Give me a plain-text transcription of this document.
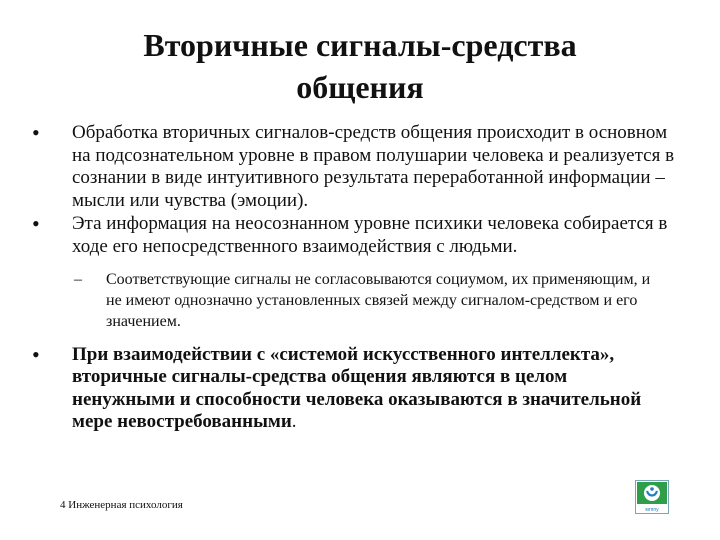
Вторичные сигналы-средства
общения
• Обработка вторичных сигналов-средств общения происходит в основном на подсознательном уровне в правом полушарии человека и реализуется в сознании в виде интуитивного результата переработанной информации – мысли или чувства (эмоции).
• Эта информация на неосознанном уровне психики человека собирается в ходе его непосредственного взаимодействия с людьми.
– Соответствующие сигналы не согласовываются социумом, их применяющим, и не имеют однозначно установленных связей между сигналом-средством и его значением.
• При взаимодействии с «системой искусственного интеллекта», вторичные сигналы-средства общения являются в целом ненужными и способности человека оказываются в значительной мере невостребованными.
4 Инженерная психология	мгппу
